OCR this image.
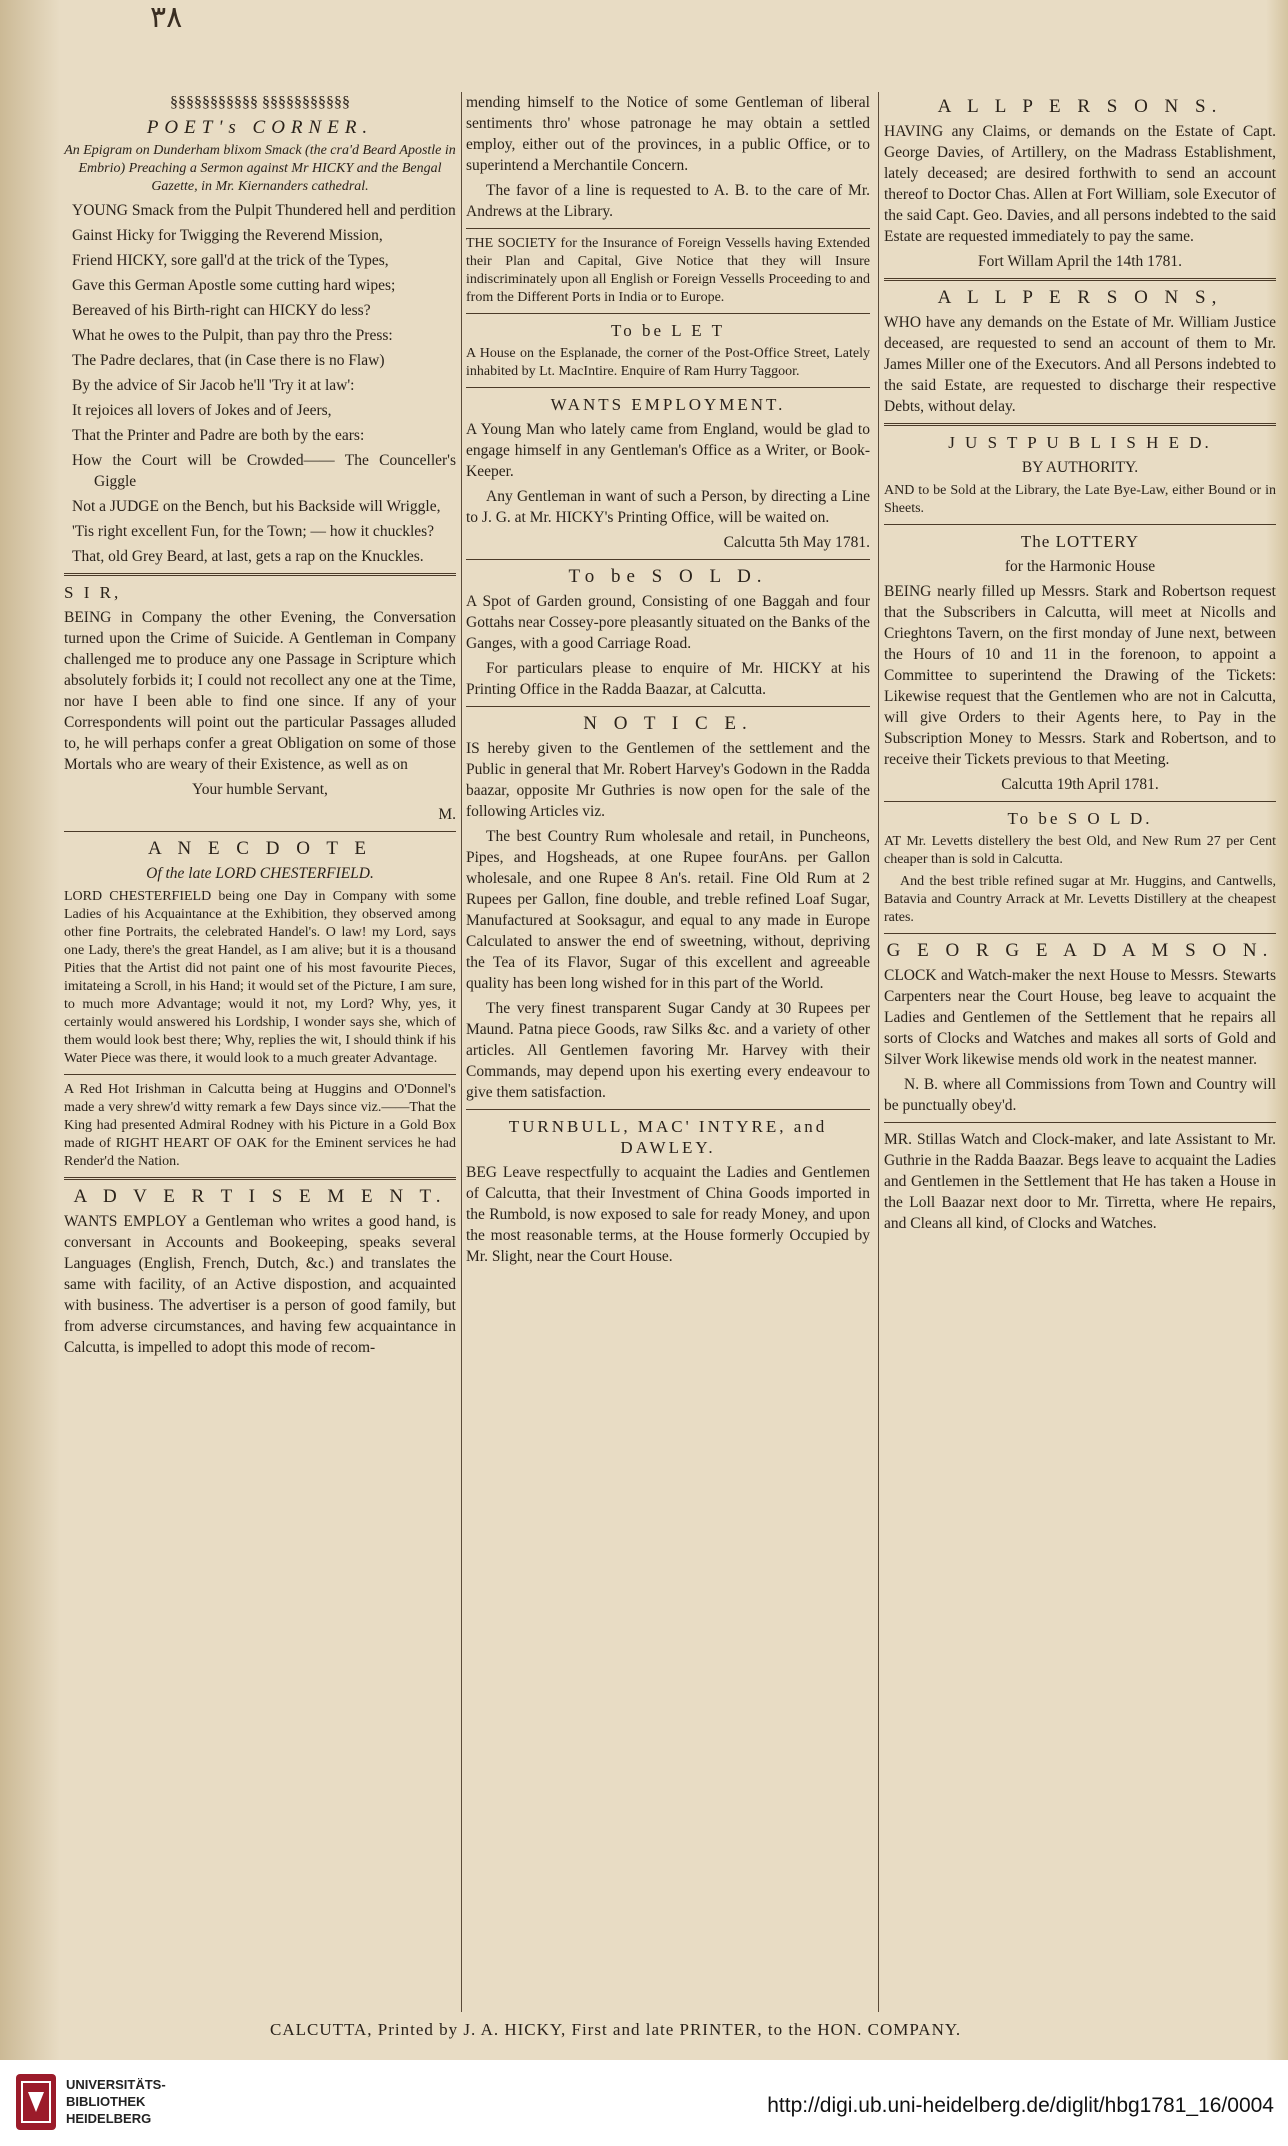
٣٨
§§§§§§§§§§§ §§§§§§§§§§§
POET's CORNER.

An Epigram on Dunderham blixom Smack (the cra'd Beard Apostle in Embrio) Preaching a Sermon against Mr HICKY and the Bengal Gazette, in Mr. Kiernanders cathedral.

YOUNG Smack from the Pulpit Thundered hell and perdition

Gainst Hicky for Twigging the Reverend Mission,

Friend HICKY, sore gall'd at the trick of the Types,

Gave this German Apostle some cutting hard wipes;

Bereaved of his Birth-right can HICKY do less?

What he owes to the Pulpit, than pay thro the Press:

The Padre declares, that (in Case there is no Flaw)

By the advice of Sir Jacob he'll 'Try it at law':

It rejoices all lovers of Jokes and of Jeers,

That the Printer and Padre are both by the ears:

How the Court will be Crowded—— The Counceller's Giggle

Not a JUDGE on the Bench, but his Backside will Wriggle,

'Tis right excellent Fun, for the Town; — how it chuckles?

That, old Grey Beard, at last, gets a rap on the Knuckles.

S I R,

BEING in Company the other Evening, the Conversation turned upon the Crime of Suicide. A Gentleman in Company challenged me to produce any one Passage in Scripture which absolutely forbids it; I could not recollect any one at the Time, nor have I been able to find one since. If any of your Correspondents will point out the particular Passages alluded to, he will perhaps confer a great Obligation on some of those Mortals who are weary of their Existence, as well as on

Your humble Servant,

M.

A N E C D O T E

Of the late LORD CHESTERFIELD.

LORD CHESTERFIELD being one Day in Company with some Ladies of his Acquaintance at the Exhibition, they observed among other fine Portraits, the celebrated Handel's. O law! my Lord, says one Lady, there's the great Handel, as I am alive; but it is a thousand Pities that the Artist did not paint one of his most favourite Pieces, imitateing a Scroll, in his Hand; it would set of the Picture, I am sure, to much more Advantage; would it not, my Lord? Why, yes, it certainly would answered his Lordship, I wonder says she, which of them would look best there; Why, replies the wit, I should think if his Water Piece was there, it would look to a much greater Advantage.

A Red Hot Irishman in Calcutta being at Huggins and O'Donnel's made a very shrew'd witty remark a few Days since viz.——That the King had presented Admiral Rodney with his Picture in a Gold Box made of RIGHT HEART OF OAK for the Eminent services he had Render'd the Nation.

A D V E R T I S E M E N T.

WANTS EMPLOY a Gentleman who writes a good hand, is conversant in Accounts and Bookeeping, speaks several Languages (English, French, Dutch, &c.) and translates the same with facility, of an Active dispostion, and acquainted with business. The advertiser is a person of good family, but from adverse circumstances, and having few acquaintance in Calcutta, is impelled to adopt this mode of recom-

mending himself to the Notice of some Gentleman of liberal sentiments thro' whose patronage he may obtain a settled employ, either out of the provinces, in a public Office, or to superintend a Merchantile Concern.

The favor of a line is requested to A. B. to the care of Mr. Andrews at the Library.

THE SOCIETY for the Insurance of Foreign Vessells having Extended their Plan and Capital, Give Notice that they will Insure indiscriminately upon all English or Foreign Vessells Proceeding to and from the Different Ports in India or to Europe.

To be L E T

A House on the Esplanade, the corner of the Post-Office Street, Lately inhabited by Lt. MacIntire. Enquire of Ram Hurry Taggoor.

WANTS EMPLOYMENT.

A Young Man who lately came from England, would be glad to engage himself in any Gentleman's Office as a Writer, or Book-Keeper.

Any Gentleman in want of such a Person, by directing a Line to J. G. at Mr. HICKY's Printing Office, will be waited on.

Calcutta 5th May 1781.

To be S O L D.

A Spot of Garden ground, Consisting of one Baggah and four Gottahs near Cossey-pore pleasantly situated on the Banks of the Ganges, with a good Carriage Road.

For particulars please to enquire of Mr. HICKY at his Printing Office in the Radda Baazar, at Calcutta.

N O T I C E.

IS hereby given to the Gentlemen of the settlement and the Public in general that Mr. Robert Harvey's Godown in the Radda baazar, opposite Mr Guthries is now open for the sale of the following Articles viz.

The best Country Rum wholesale and retail, in Puncheons, Pipes, and Hogsheads, at one Rupee fourAns. per Gallon wholesale, and one Rupee 8 An's. retail. Fine Old Rum at 2 Rupees per Gallon, fine double, and treble refined Loaf Sugar, Manufactured at Sooksagur, and equal to any made in Europe Calculated to answer the end of sweetning, without, depriving the Tea of its Flavor, Sugar of this excellent and agreeable quality has been long wished for in this part of the World.

The very finest transparent Sugar Candy at 30 Rupees per Maund. Patna piece Goods, raw Silks &c. and a variety of other articles. All Gentlemen favoring Mr. Harvey with their Commands, may depend upon his exerting every endeavour to give them satisfaction.

TURNBULL, MAC' INTYRE, and DAWLEY.

BEG Leave respectfully to acquaint the Ladies and Gentlemen of Calcutta, that their Investment of China Goods imported in the Rumbold, is now exposed to sale for ready Money, and upon the most reasonable terms, at the House formerly Occupied by Mr. Slight, near the Court House.

A L L P E R S O N S.

HAVING any Claims, or demands on the Estate of Capt. George Davies, of Artillery, on the Madrass Establishment, lately deceased; are desired forthwith to send an account thereof to Doctor Chas. Allen at Fort William, sole Executor of the said Capt. Geo. Davies, and all persons indebted to the said Estate are requested immediately to pay the same.

Fort Willam April the 14th 1781.

A L L P E R S O N S,

WHO have any demands on the Estate of Mr. William Justice deceased, are requested to send an account of them to Mr. James Miller one of the Executors. And all Persons indebted to the said Estate, are requested to discharge their respective Debts, without delay.

J U S T P U B L I S H E D.

BY AUTHORITY.

AND to be Sold at the Library, the Late Bye-Law, either Bound or in Sheets.

The LOTTERY

for the Harmonic House

BEING nearly filled up Messrs. Stark and Robertson request that the Subscribers in Calcutta, will meet at Nicolls and Crieghtons Tavern, on the first monday of June next, between the Hours of 10 and 11 in the forenoon, to appoint a Committee to superintend the Drawing of the Tickets: Likewise request that the Gentlemen who are not in Calcutta, will give Orders to their Agents here, to Pay in the Subscription Money to Messrs. Stark and Robertson, and to receive their Tickets previous to that Meeting.

Calcutta 19th April 1781.

To be S O L D.

AT Mr. Levetts distellery the best Old, and New Rum 27 per Cent cheaper than is sold in Calcutta.

And the best trible refined sugar at Mr. Huggins, and Cantwells, Batavia and Country Arrack at Mr. Levetts Distillery at the cheapest rates.

G E O R G E A D A M S O N.

CLOCK and Watch-maker the next House to Messrs. Stewarts Carpenters near the Court House, beg leave to acquaint the Ladies and Gentlemen of the Settlement that he repairs all sorts of Clocks and Watches and makes all sorts of Gold and Silver Work likewise mends old work in the neatest manner.

N. B. where all Commissions from Town and Country will be punctually obey'd.

MR. Stillas Watch and Clock-maker, and late Assistant to Mr. Guthrie in the Radda Baazar. Begs leave to acquaint the Ladies and Gentlemen in the Settlement that He has taken a House in the Loll Baazar next door to Mr. Tirretta, where He repairs, and Cleans all kind, of Clocks and Watches.

CALCUTTA, Printed by J. A. HICKY, First and late PRINTER, to the HON. COMPANY.
UNIVERSITÄTS-
BIBLIOTHEK
HEIDELBERG
http://digi.ub.uni-heidelberg.de/diglit/hbg1781_16/0004
